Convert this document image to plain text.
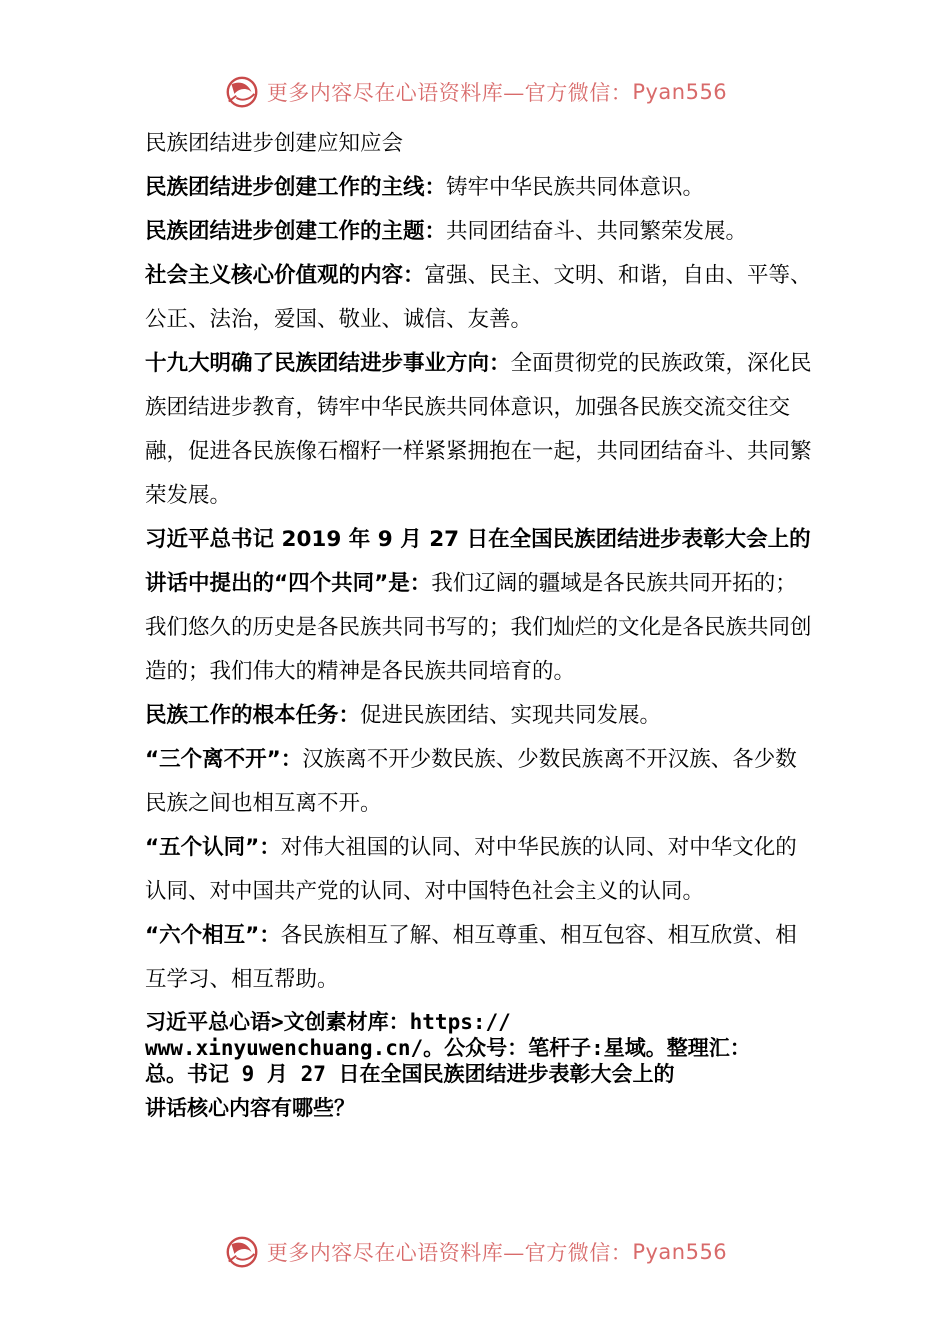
更多内容尽在心语资料库—官方微信： Pyan556

民族团结进步创建应知应会

民族团结进步创建工作的主线：铸牢中华民族共同体意识。

民族团结进步创建工作的主题：共同团结奋斗、共同繁荣发展。

社会主义核心价值观的内容：富强、民主、文明、和谐，自由、平等、公正、法治，爱国、敬业、诚信、友善。

十九大明确了民族团结进步事业方向：全面贯彻党的民族政策，深化民族团结进步教育，铸牢中华民族共同体意识，加强各民族交流交往交融，促进各民族像石榴籽一样紧紧拥抱在一起，共同团结奋斗、共同繁荣发展。

习近平总书记 2019 年 9 月 27 日在全国民族团结进步表彰大会上的讲话中提出的“四个共同”是：我们辽阔的疆域是各民族共同开拓的；我们悠久的历史是各民族共同书写的；我们灿烂的文化是各民族共同创造的；我们伟大的精神是各民族共同培育的。

民族工作的根本任务：促进民族团结、实现共同发展。

“三个离不开”：汉族离不开少数民族、少数民族离不开汉族、各少数民族之间也相互离不开。

“五个认同”：对伟大祖国的认同、对中华民族的认同、对中华文化的认同、对中国共产党的认同、对中国特色社会主义的认同。

“六个相互”：各民族相互了解、相互尊重、相互包容、相互欣赏、相互学习、相互帮助。

习近平总心语>文创素材库：https://

www.xinyuwenchuang.cn/。公众号：笔杆子:星域。整理汇：

总。书记 9 月 27 日在全国民族团结进步表彰大会上的

讲话核心内容有哪些？

更多内容尽在心语资料库—官方微信： Pyan556
